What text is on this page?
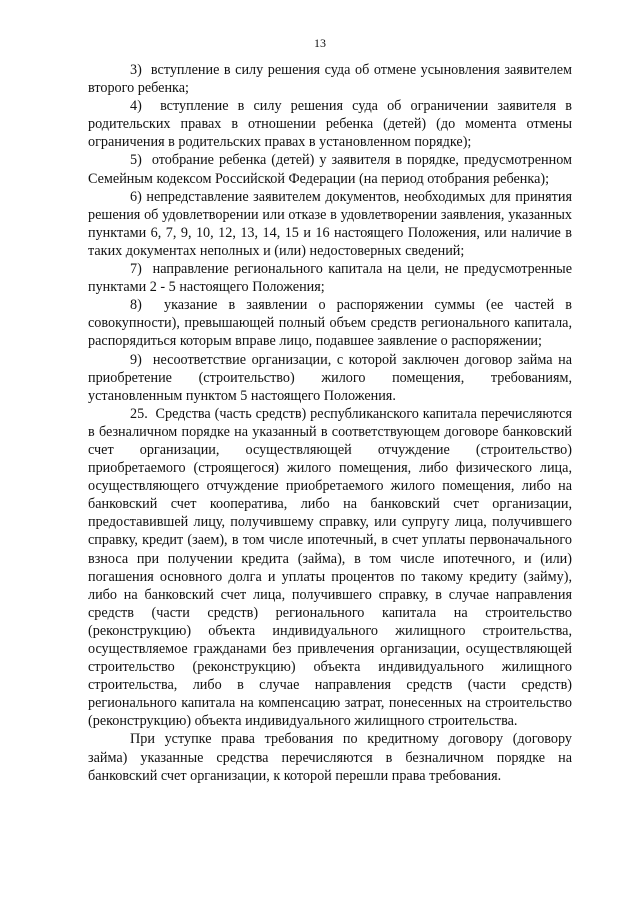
13

3)  вступление в силу решения суда об отмене усыновления заявителем второго ребенка;

4)  вступление в силу решения суда об ограничении заявителя в родительских правах в отношении ребенка (детей) (до момента отмены ограничения в родительских правах в установленном порядке);

5)  отобрание ребенка (детей) у заявителя в порядке, предусмотренном Семейным кодексом Российской Федерации (на период отобрания ребенка);

6) непредставление заявителем документов, необходимых для принятия решения об удовлетворении или отказе в удовлетворении заявления, указанных пунктами 6, 7, 9, 10, 12, 13, 14, 15 и 16 настоящего Положения, или наличие в таких документах неполных и (или) недостоверных сведений;

7)  направление регионального капитала на цели, не предусмотренные пунктами 2 - 5 настоящего Положения;

8)  указание в заявлении о распоряжении суммы (ее частей в совокупности), превышающей полный объем средств регионального капитала, распорядиться которым вправе лицо, подавшее заявление о распоряжении;

9)  несоответствие организации, с которой заключен договор займа на приобретение (строительство) жилого помещения, требованиям, установленным пунктом 5 настоящего Положения.

25.  Средства (часть средств) республиканского капитала перечисляются в безналичном порядке на указанный в соответствующем договоре банковский счет организации, осуществляющей отчуждение (строительство) приобретаемого (строящегося) жилого помещения, либо физического лица, осуществляющего отчуждение приобретаемого жилого помещения, либо на банковский счет кооператива, либо на банковский счет организации, предоставившей лицу, получившему справку, или супругу лица, получившего справку, кредит (заем), в том числе ипотечный, в счет уплаты первоначального взноса при получении кредита (займа), в том числе ипотечного, и (или) погашения основного долга и уплаты процентов по такому кредиту (займу), либо на банковский счет лица, получившего справку, в случае направления средств (части средств) регионального капитала на строительство (реконструкцию) объекта индивидуального жилищного строительства, осуществляемое гражданами без привлечения организации, осуществляющей строительство (реконструкцию) объекта индивидуального жилищного строительства, либо в случае направления средств (части средств) регионального капитала на компенсацию затрат, понесенных на строительство (реконструкцию) объекта индивидуального жилищного строительства.

При уступке права требования по кредитному договору (договору займа) указанные средства перечисляются в безналичном порядке на банковский счет организации, к которой перешли права требования.
